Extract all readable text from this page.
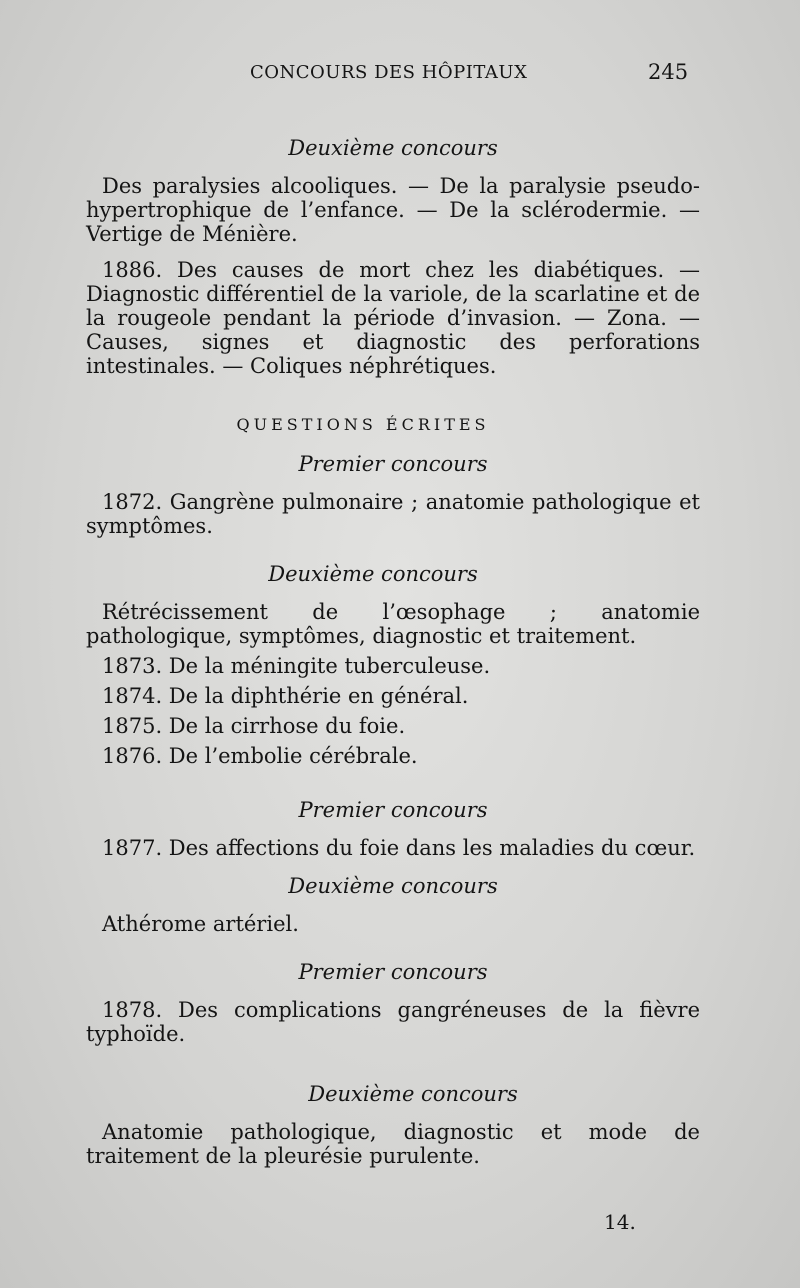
CONCOURS DES HÔPITAUX	245

Deuxième concours

Des paralysies alcooliques. — De la paralysie pseudo-hypertrophique de l’enfance. — De la sclérodermie. — Vertige de Ménière.

1886. Des causes de mort chez les diabétiques. — Diagnostic différentiel de la variole, de la scarlatine et de la rougeole pendant la période d’invasion. — Zona. — Causes, signes et diagnostic des perforations intestinales. — Coliques néphrétiques.

QUESTIONS ÉCRITES

Premier concours

1872. Gangrène pulmonaire ; anatomie pathologique et symptômes.

Deuxième concours

Rétrécissement de l’œsophage ; anatomie pathologique, symptômes, diagnostic et traitement.

1873. De la méningite tuberculeuse.

1874. De la diphthérie en général.

1875. De la cirrhose du foie.

1876. De l’embolie cérébrale.

Premier concours

1877. Des affections du foie dans les maladies du cœur.

Deuxième concours

Athérome artériel.

Premier concours

1878. Des complications gangréneuses de la fièvre typhoïde.

Deuxième concours

Anatomie pathologique, diagnostic et mode de traitement de la pleurésie purulente.

14.
